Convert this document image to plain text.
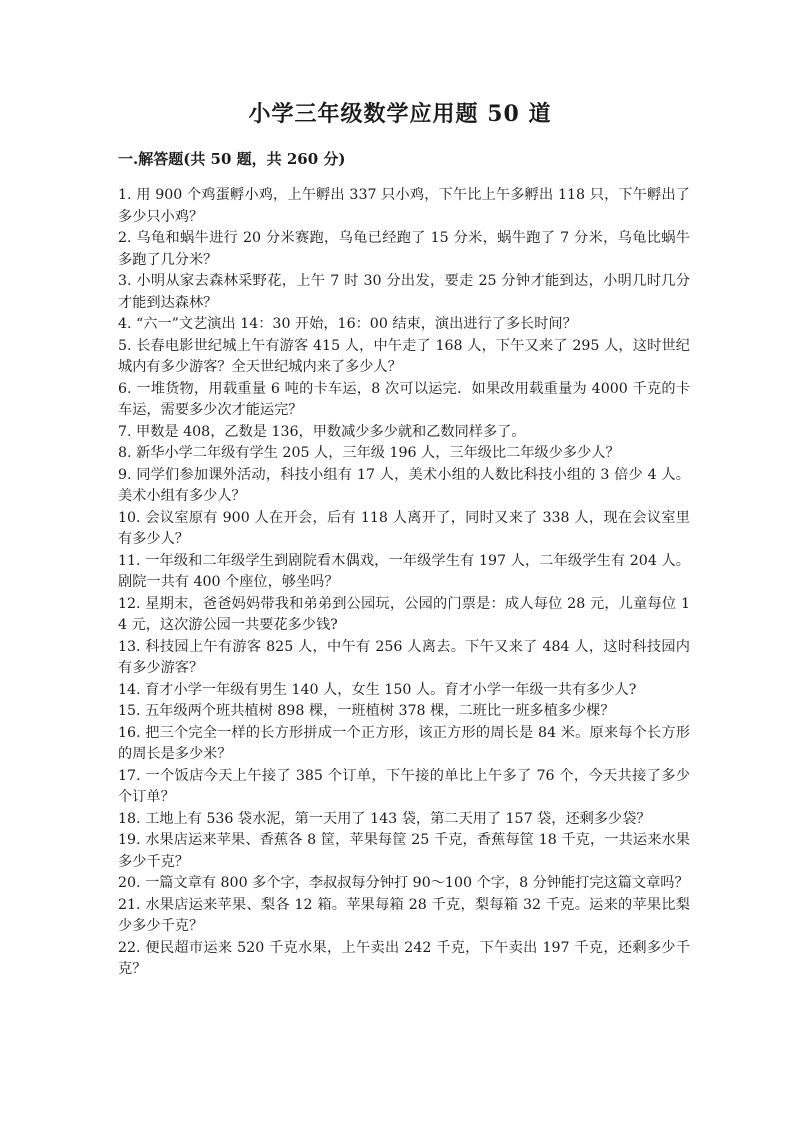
小学三年级数学应用题 50 道
一.解答题(共 50 题，共 260 分)
1. 用 900 个鸡蛋孵小鸡，上午孵出 337 只小鸡，下午比上午多孵出 118 只，下午孵出了多少只小鸡？
2. 乌龟和蜗牛进行 20 分米赛跑，乌龟已经跑了 15 分米，蜗牛跑了 7 分米，乌龟比蜗牛多跑了几分米？
3. 小明从家去森林采野花，上午 7 时 30 分出发，要走 25 分钟才能到达，小明几时几分才能到达森林？
4. “六一”文艺演出 14：30 开始，16：00 结束，演出进行了多长时间？
5. 长春电影世纪城上午有游客 415 人，中午走了 168 人，下午又来了 295 人，这时世纪城内有多少游客？全天世纪城内来了多少人？
6. 一堆货物，用载重量 6 吨的卡车运，8 次可以运完．如果改用载重量为 4000 千克的卡车运，需要多少次才能运完？
7. 甲数是 408，乙数是 136，甲数减少多少就和乙数同样多了。
8. 新华小学二年级有学生 205 人，三年级 196 人，三年级比二年级少多少人？
9. 同学们参加课外活动，科技小组有 17 人，美术小组的人数比科技小组的 3 倍少 4 人。美术小组有多少人？
10. 会议室原有 900 人在开会，后有 118 人离开了，同时又来了 338 人，现在会议室里有多少人？
11. 一年级和二年级学生到剧院看木偶戏，一年级学生有 197 人，二年级学生有 204 人。剧院一共有 400 个座位，够坐吗？
12. 星期末，爸爸妈妈带我和弟弟到公园玩，公园的门票是：成人每位 28 元，儿童每位 14 元，这次游公园一共要花多少钱?
13. 科技园上午有游客 825 人，中午有 256 人离去。下午又来了 484 人，这时科技园内有多少游客？
14. 育才小学一年级有男生 140 人，女生 150 人。育才小学一年级一共有多少人?
15. 五年级两个班共植树 898 棵，一班植树 378 棵，二班比一班多植多少棵？
16. 把三个完全一样的长方形拼成一个正方形，该正方形的周长是 84 米。原来每个长方形的周长是多少米？
17. 一个饭店今天上午接了 385 个订单，下午接的单比上午多了 76 个，今天共接了多少个订单？
18. 工地上有 536 袋水泥，第一天用了 143 袋，第二天用了 157 袋，还剩多少袋？
19. 水果店运来苹果、香蕉各 8 筐，苹果每筐 25 千克，香蕉每筐 18 千克，一共运来水果多少千克？
20. 一篇文章有 800 多个字，李叔叔每分钟打 90～100 个字，8 分钟能打完这篇文章吗？
21. 水果店运来苹果、梨各 12 箱。苹果每箱 28 千克，梨每箱 32 千克。运来的苹果比梨少多少千克？
22. 便民超市运来 520 千克水果，上午卖出 242 千克，下午卖出 197 千克，还剩多少千克？
